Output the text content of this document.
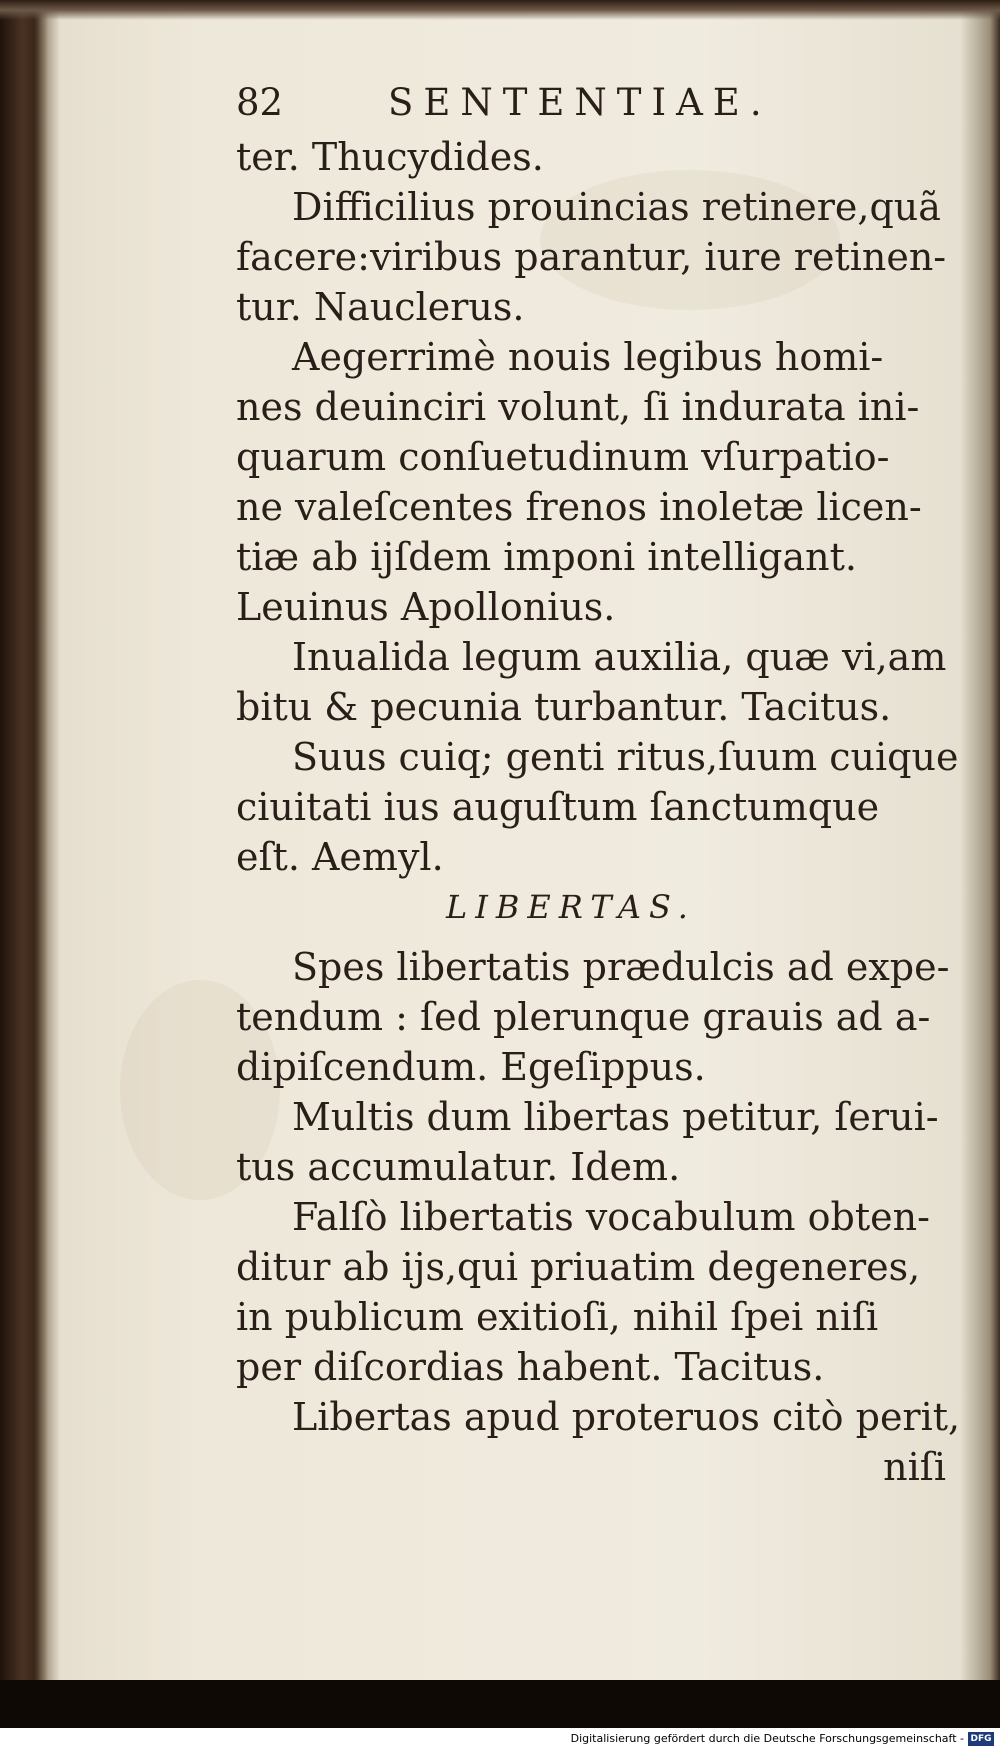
82	SENTENTIAE.
ter. Thucydides.
Difficilius prouincias retinere,quã
facere:viribus parantur, iure retinen-
tur. Nauclerus.
Aegerrimè nouis legibus homi-
nes deuinciri volunt, ſi indurata ini-
quarum conſuetudinum vſurpatio-
ne valeſcentes frenos inoletæ licen-
tiæ ab ijſdem imponi intelligant.
Leuinus Apollonius.
Inualida legum auxilia, quæ vi,am
bitu & pecunia turbantur. Tacitus.
Suus cuiq; genti ritus,ſuum cuique
ciuitati ius auguſtum ſanctumque
eſt. Aemyl.
LIBERTAS.
Spes libertatis prædulcis ad expe-
tendum : ſed plerunque grauis ad a-
dipiſcendum. Egeſippus.
Multis dum libertas petitur, ſerui-
tus accumulatur. Idem.
Falſò libertatis vocabulum obten-
ditur ab ijs,qui priuatim degeneres,
in publicum exitioſi, nihil ſpei niſi
per diſcordias habent. Tacitus.
Libertas apud proteruos citò perit,
niſi
Digitalisierung gefördert durch die Deutsche Forschungsgemeinschaft - DFG
